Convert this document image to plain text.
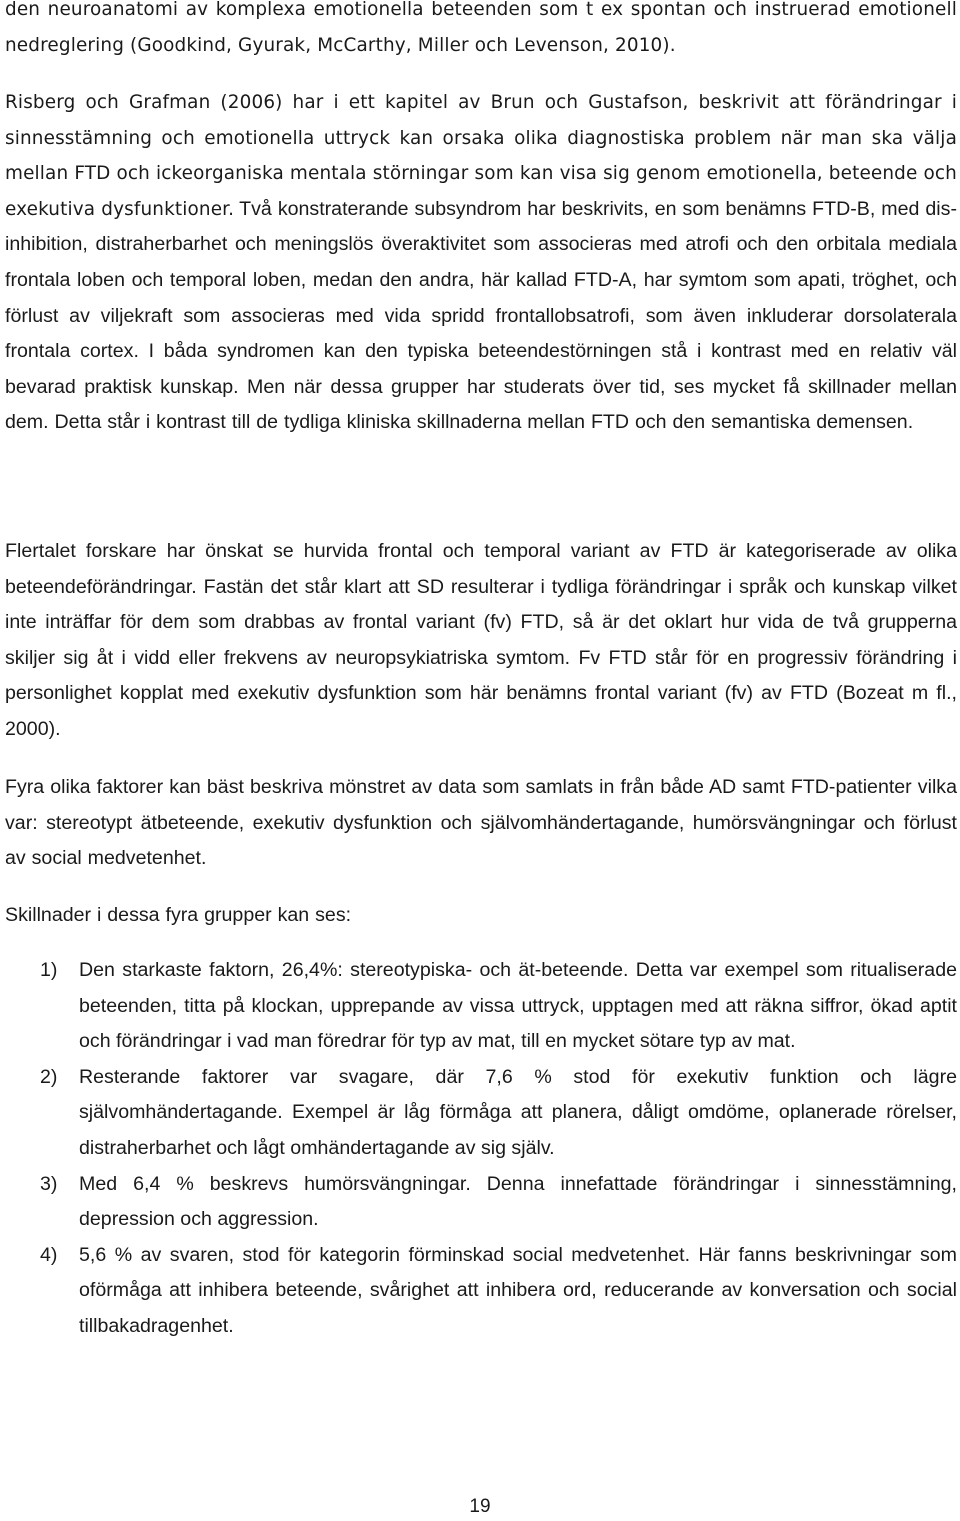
den neuroanatomi av komplexa emotionella beteenden som t ex spontan och instruerad emotionell nedreglering (Goodkind, Gyurak, McCarthy, Miller och Levenson, 2010).

Risberg och Grafman (2006) har i ett kapitel av Brun och Gustafson, beskrivit att förändringar i sinnesstämning och emotionella uttryck kan orsaka olika diagnostiska problem när man ska välja mellan FTD och ickeorganiska mentala störningar som kan visa sig genom emotionella, beteende och exekutiva dysfunktioner. Två konstraterande subsyndrom har beskrivits, en som benämns FTD-B, med dis-inhibition, distraherbarhet och meningslös överaktivitet som associeras med atrofi och den orbitala mediala frontala loben och temporal loben, medan den andra, här kallad FTD-A, har symtom som apati, tröghet, och förlust av viljekraft som associeras med vida spridd frontallobsatrofi, som även inkluderar dorsolaterala frontala cortex. I båda syndromen kan den typiska beteendestörningen stå i kontrast med en relativ väl bevarad praktisk kunskap. Men när dessa grupper har studerats över tid, ses mycket få skillnader mellan dem. Detta står i kontrast till de tydliga kliniska skillnaderna mellan FTD och den semantiska demensen.

Flertalet forskare har önskat se hurvida frontal och temporal variant av FTD är kategoriserade av olika beteendeförändringar. Fastän det står klart att SD resulterar i tydliga förändringar i språk och kunskap vilket inte inträffar för dem som drabbas av frontal variant (fv) FTD, så är det oklart hur vida de två grupperna skiljer sig åt i vidd eller frekvens av neuropsykiatriska symtom. Fv FTD står för en progressiv förändring i personlighet kopplat med exekutiv dysfunktion som här benämns frontal variant (fv) av FTD (Bozeat m fl., 2000).

Fyra olika faktorer kan bäst beskriva mönstret av data som samlats in från både AD samt FTD-patienter vilka var: stereotypt ätbeteende, exekutiv dysfunktion och självomhändertagande, humörsvängningar och förlust av social medvetenhet.

Skillnader i dessa fyra grupper kan ses:

1) Den starkaste faktorn, 26,4%: stereotypiska- och ät-beteende. Detta var exempel som ritualiserade beteenden, titta på klockan, upprepande av vissa uttryck, upptagen med att räkna siffror, ökad aptit och förändringar i vad man föredrar för typ av mat, till en mycket sötare typ av mat.
2) Resterande faktorer var svagare, där 7,6 % stod för exekutiv funktion och lägre självomhändertagande. Exempel är låg förmåga att planera, dåligt omdöme, oplanerade rörelser, distraherbarhet och lågt omhändertagande av sig själv.
3) Med 6,4 % beskrevs humörsvängningar. Denna innefattade förändringar i sinnesstämning, depression och aggression.
4) 5,6 % av svaren, stod för kategorin förminskad social medvetenhet. Här fanns beskrivningar som oförmåga att inhibera beteende, svårighet att inhibera ord, reducerande av konversation och social tillbakadragenhet.
19
